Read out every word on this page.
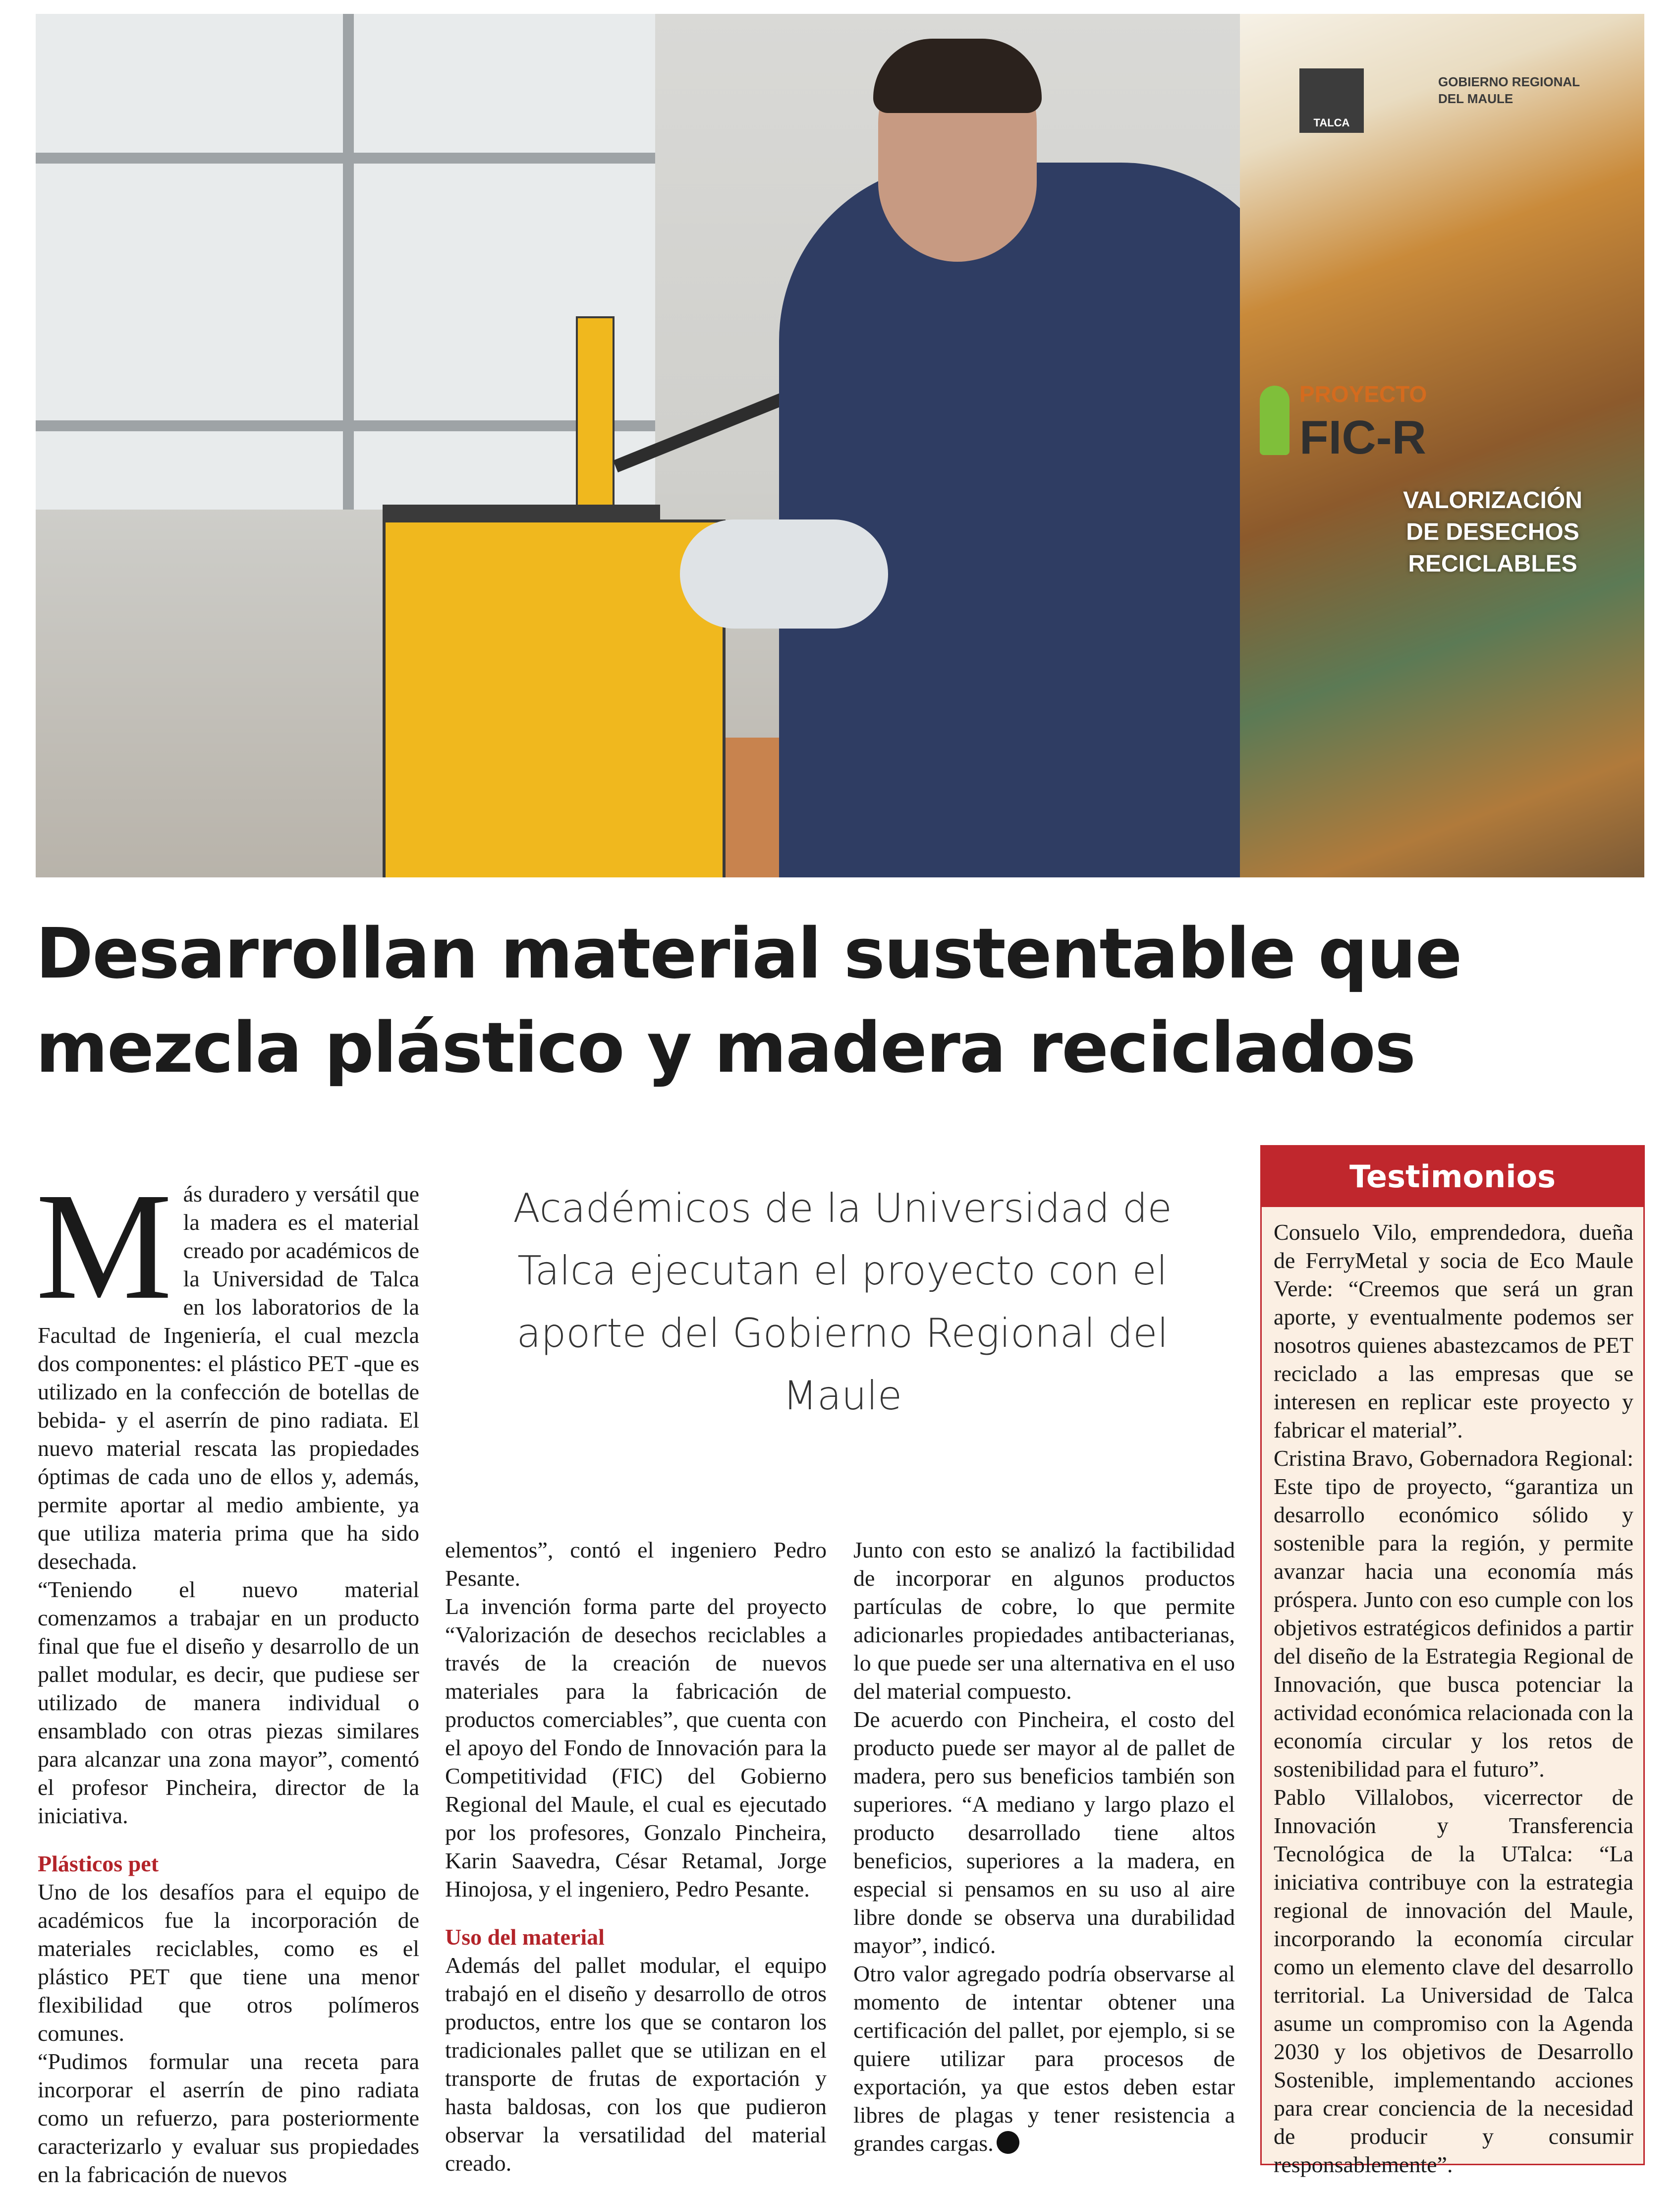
TALCA
GOBIERNO REGIONAL DEL MAULE
PROYECTO
FIC-R
VALORIZACIÓN DE DESECHOS RECICLABLES
Desarrollan material sustentable que mezcla plástico y madera reciclados

Más duradero y versátil que la madera es el material creado por académicos de la Universidad de Talca en los laboratorios de la Facultad de Ingeniería, el cual mezcla dos componentes: el plástico PET -que es utilizado en la confección de botellas de bebida- y el aserrín de pino radiata. El nuevo material rescata las propiedades óptimas de cada uno de ellos y, además, permite aportar al medio ambiente, ya que utiliza materia prima que ha sido desechada.

“Teniendo el nuevo material comenzamos a trabajar en un producto final que fue el diseño y desarrollo de un pallet modular, es decir, que pudiese ser utilizado de manera individual o ensamblado con otras piezas similares para alcanzar una zona mayor”, comentó el profesor Pincheira, director de la iniciativa.

Plásticos pet

Uno de los desafíos para el equipo de académicos fue la incorporación de materiales reciclables, como es el plástico PET que tiene una menor flexibilidad que otros polímeros comunes.

“Pudimos formular una receta para incorporar el aserrín de pino radiata como un refuerzo, para posteriormente caracterizarlo y evaluar sus propiedades en la fabricación de nuevos

Académicos de la Universidad de Talca ejecutan el proyecto con el aporte del Gobierno Regional del Maule

elementos”, contó el ingeniero Pedro Pesante.

La invención forma parte del proyecto “Valorización de desechos reciclables a través de la creación de nuevos materiales para la fabricación de productos comerciables”, que cuenta con el apoyo del Fondo de Innovación para la Competitividad (FIC) del Gobierno Regional del Maule, el cual es ejecutado por los profesores, Gonzalo Pincheira, Karin Saavedra, César Retamal, Jorge Hinojosa, y el ingeniero, Pedro Pesante.

Uso del material

Además del pallet modular, el equipo trabajó en el diseño y desarrollo de otros productos, entre los que se contaron los tradicionales pallet que se utilizan en el transporte de frutas de exportación y hasta baldosas, con los que pudieron observar la versatilidad del material creado.

Junto con esto se analizó la factibilidad de incorporar en algunos productos partículas de cobre, lo que permite adicionarles propiedades antibacterianas, lo que puede ser una alternativa en el uso del material compuesto.

De acuerdo con Pincheira, el costo del producto puede ser mayor al de pallet de madera, pero sus beneficios también son superiores. “A mediano y largo plazo el producto desarrollado tiene altos beneficios, superiores a la madera, en especial si pensamos en su uso al aire libre donde se observa una durabilidad mayor”, indicó.

Otro valor agregado podría observarse al momento de intentar obtener una certificación del pallet, por ejemplo, si se quiere utilizar para procesos de exportación, ya que estos deben estar libres de plagas y tener resistencia a grandes cargas.

Testimonios

Consuelo Vilo, emprendedora, dueña de FerryMetal y socia de Eco Maule Verde: “Creemos que será un gran aporte, y eventualmente podemos ser nosotros quienes abastezcamos de PET reciclado a las empresas que se interesen en replicar este proyecto y fabricar el material”.

Cristina Bravo, Gobernadora Regional: Este tipo de proyecto, “garantiza un desarrollo económico sólido y sostenible para la región, y permite avanzar hacia una economía más próspera. Junto con eso cumple con los objetivos estratégicos definidos a partir del diseño de la Estrategia Regional de Innovación, que busca potenciar la actividad económica relacionada con la economía circular y los retos de sostenibilidad para el futuro”.

Pablo Villalobos, vicerrector de Innovación y Transferencia Tecnológica de la UTalca: “La iniciativa contribuye con la estrategia regional de innovación del Maule, incorporando la economía circular como un elemento clave del desarrollo territorial. La Universidad de Talca asume un compromiso con la Agenda 2030 y los objetivos de Desarrollo Sostenible, implementando acciones para crear conciencia de la necesidad de producir y consumir responsablemente”.
